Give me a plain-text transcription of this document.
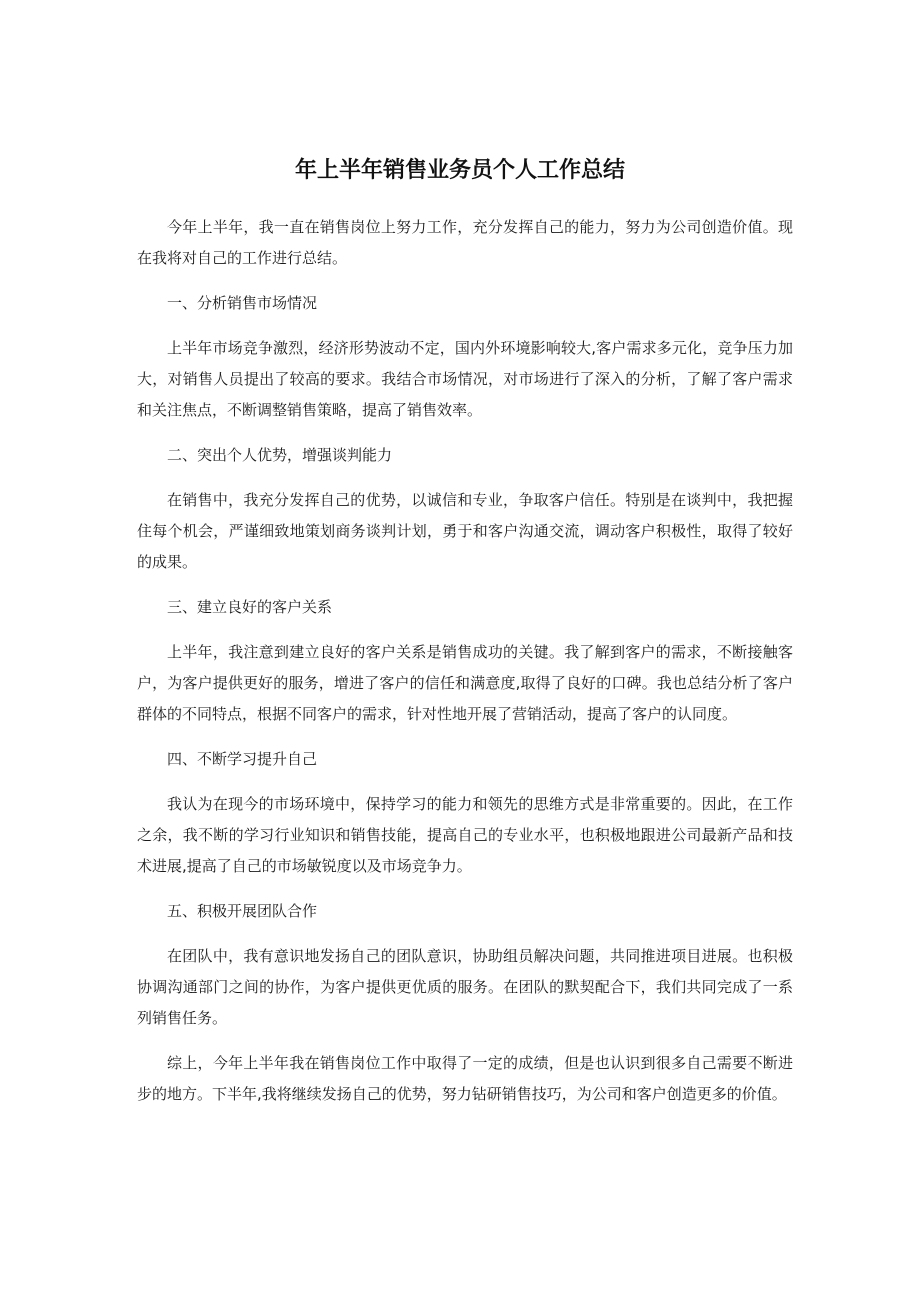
年上半年销售业务员个人工作总结

今年上半年，我一直在销售岗位上努力工作，充分发挥自己的能力，努力为公司创造价值。现在我将对自己的工作进行总结。

一、分析销售市场情况

上半年市场竞争激烈，经济形势波动不定，国内外环境影响较大,客户需求多元化，竞争压力加大，对销售人员提出了较高的要求。我结合市场情况，对市场进行了深入的分析，了解了客户需求和关注焦点，不断调整销售策略，提高了销售效率。

二、突出个人优势，增强谈判能力

在销售中，我充分发挥自己的优势，以诚信和专业，争取客户信任。特别是在谈判中，我把握住每个机会，严谨细致地策划商务谈判计划，勇于和客户沟通交流，调动客户积极性，取得了较好的成果。

三、建立良好的客户关系

上半年，我注意到建立良好的客户关系是销售成功的关键。我了解到客户的需求，不断接触客户，为客户提供更好的服务，增进了客户的信任和满意度,取得了良好的口碑。我也总结分析了客户群体的不同特点，根据不同客户的需求，针对性地开展了营销活动，提高了客户的认同度。

四、不断学习提升自己

我认为在现今的市场环境中，保持学习的能力和领先的思维方式是非常重要的。因此，在工作之余，我不断的学习行业知识和销售技能，提高自己的专业水平，也积极地跟进公司最新产品和技术进展,提高了自己的市场敏锐度以及市场竞争力。

五、积极开展团队合作

在团队中，我有意识地发扬自己的团队意识，协助组员解决问题，共同推进项目进展。也积极协调沟通部门之间的协作，为客户提供更优质的服务。在团队的默契配合下，我们共同完成了一系列销售任务。

综上，今年上半年我在销售岗位工作中取得了一定的成绩，但是也认识到很多自己需要不断进步的地方。下半年,我将继续发扬自己的优势，努力钻研销售技巧，为公司和客户创造更多的价值。
